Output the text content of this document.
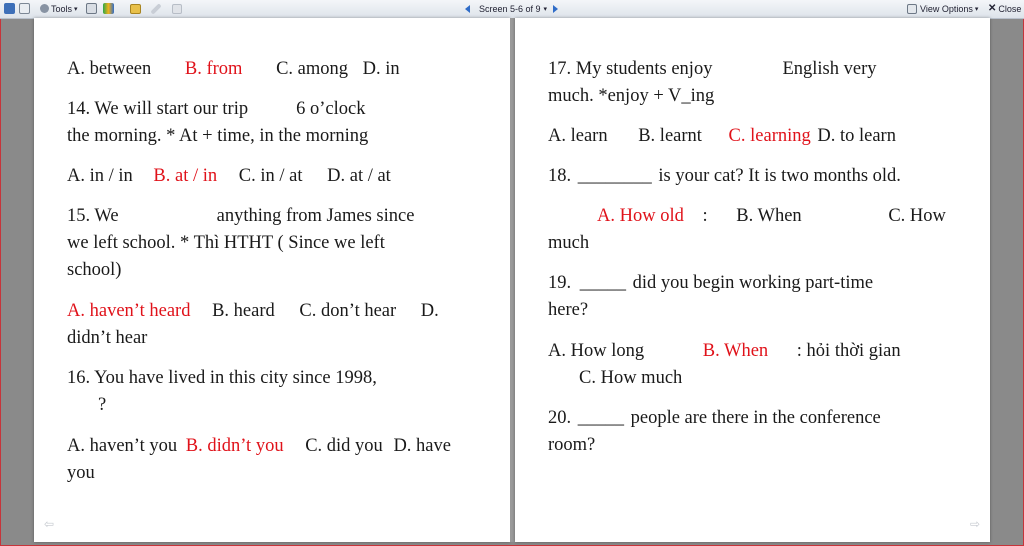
Tools ▾	Screen 5-6 of 9 ▾	View Options ▾ ✕ Close
A. between B. from C. among D. in
14. We will start our trip	6 o’clock
the morning. * At + time, in the morning
A. in / in B. at / in C. in / at D. at / at
15. We	anything from James since
we left school. * Thì HTHT ( Since we left
school)
A. haven’t heard B. heard C. don’t hear D.
didn’t hear
16. You have lived in this city since 1998,
?
A. haven’t you B. didn’t you C. did you D. have
you
⇦
17. My students enjoy	English very
much. *enjoy + V_ing
A. learn B. learnt C. learning D. to learn
18. ________ is your cat? It is two months old.
A. How old : B. When	C. How
much
19. _____ did you begin working part-time
here?
A. How long	B. When : hỏi thời gian
C. How much
20. _____ people are there in the conference
room?
⇨
